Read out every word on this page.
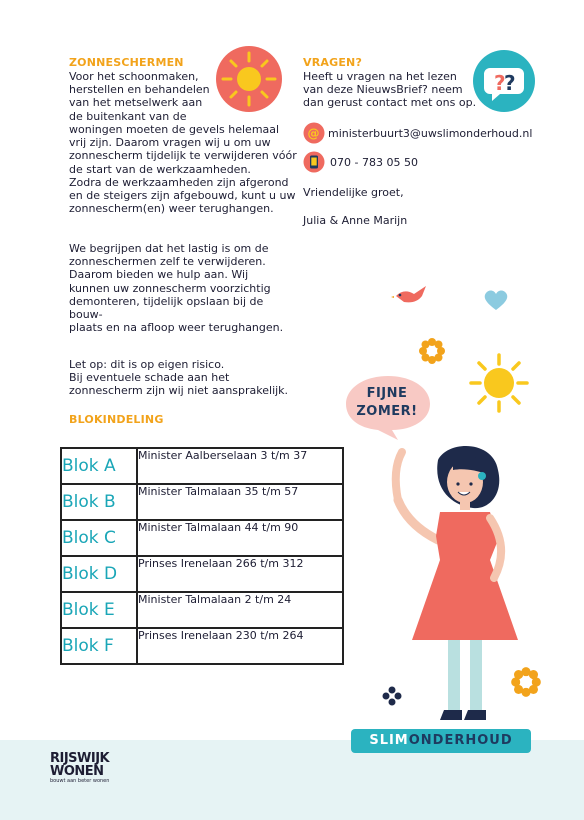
ZONNESCHERMEN
Voor het schoonmaken,
herstellen en behandelen
van het metselwerk aan
de buitenkant van de
woningen moeten de gevels helemaal
vrij zijn. Daarom vragen wij u om uw
zonnescherm tijdelijk te verwijderen vóór
de start van de werkzaamheden.
Zodra de werkzaamheden zijn afgerond
en de steigers zijn afgebouwd, kunt u uw
zonnescherm(en) weer terughangen.
We begrijpen dat het lastig is om de
zonneschermen zelf te verwijderen.
Daarom bieden we hulp aan. Wij
kunnen uw zonnescherm voorzichtig
demonteren, tijdelijk opslaan bij de
bouw-
plaats en na afloop weer terughangen.
Let op: dit is op eigen risico.
Bij eventuele schade aan het
zonnescherm zijn wij niet aansprakelijk.
VRAGEN?
Heeft u vragen na het lezen
van deze NieuwsBrief? neem
dan gerust contact met ons op.
?
?
@ ministerbuurt3@uwslimonderhoud.nl
070 - 783 05 50
Vriendelijke groet,
Julia & Anne Marijn
BLOKINDELING
Blok A	Minister Aalberselaan 3 t/m 37
Blok B	Minister Talmalaan 35 t/m 57
Blok C	Minister Talmalaan 44 t/m 90
Blok D	Prinses Irenelaan 266 t/m 312
Blok E	Minister Talmalaan 2 t/m 24
Blok F	Prinses Irenelaan 230 t/m 264
FIJNE
ZOMER!
SLIMONDERHOUD
RIJSWIJK
WONEN
bouwt aan beter wonen
